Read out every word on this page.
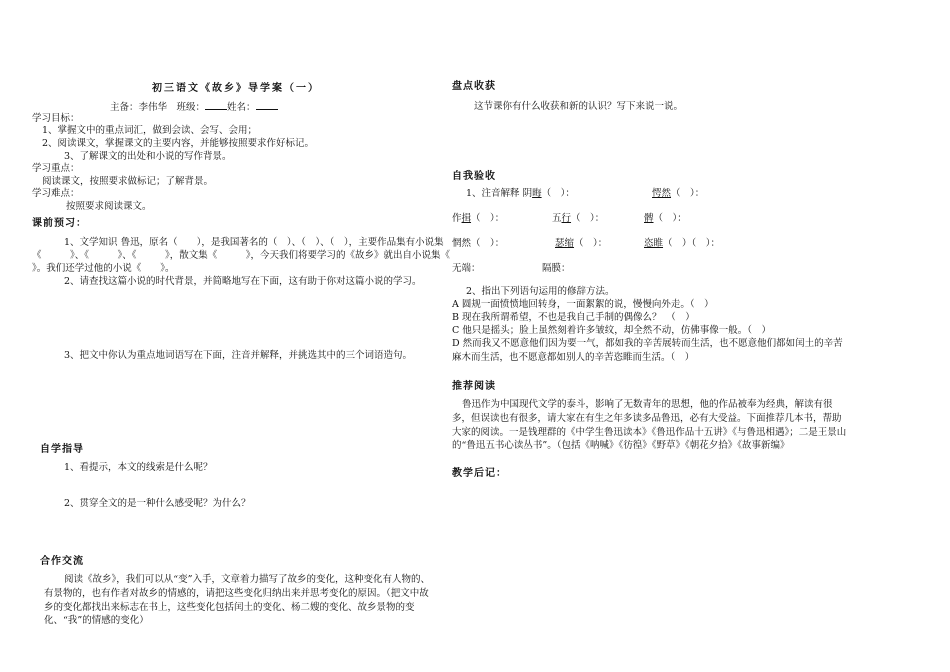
初三语文《故乡》导学案（一）
主备：李伟华　班级： 姓名：
学习目标：
1、掌握文中的重点词汇，做到会读、会写、会用；
2、阅读课文，掌握课文的主要内容，并能够按照要求作好标记。
3、了解课文的出处和小说的写作背景。
学习重点：
阅读课文，按照要求做标记；了解背景。
学习难点：
按照要求阅读课文。
课前预习：
1、文学知识 鲁迅，原名（　　），是我国著名的（　）、（　）、（　），主要作品集有小说集
《　　　》、《　　　》、《　　　》，散文集《　　　》，今天我们将要学习的《故乡》就出自小说集《
》。我们还学过他的小说《　　》。
2、请查找这篇小说的时代背景，并简略地写在下面，这有助于你对这篇小说的学习。
3、把文中你认为重点地词语写在下面，注音并解释，并挑选其中的三个词语造句。
自学指导
1、看提示，本文的线索是什么呢？
2、贯穿全文的是一种什么感受呢？为什么？
合作交流
阅读《故乡》，我们可以从“变”入手，文章着力描写了故乡的变化，这种变化有人物的、有景物的，也有作者对故乡的情感的，请把这些变化归纳出来并思考变化的原因。（把文中故乡的变化都找出来标志在书上，这些变化包括闰土的变化、杨二嫂的变化、故乡景物的变化、“我”的情感的变化）
盘点收获
这节课你有什么收获和新的认识？写下来说一说。
自我验收
1、注音解释 阴晦（　）：	愕然（　）：
作揖（　）：	五行（　）：	髀（　）：
惘然（　）：	瑟缩（　）：	恣睢（　）（　）：
无端：	隔膜：
2、指出下列语句运用的修辞方法。
A 圆规一面愤愤地回转身，一面絮絮的说，慢慢向外走。（　）
B 现在我所谓希望，不也是我自己手制的偶像么？　（　）
C 他只是摇头；脸上虽然刻着许多皱纹，却全然不动，仿佛事像一般。（　）
D 然而我又不愿意他们因为要一气，都如我的辛苦展转而生活，也不愿意他们都如闰土的辛苦麻木而生活，也不愿意都如别人的辛苦恣睢而生活。（　）
推荐阅读
鲁迅作为中国现代文学的泰斗，影响了无数青年的思想，他的作品被奉为经典，解读有很多，但误读也有很多，请大家在有生之年多读多品鲁迅，必有大受益。下面推荐几本书，帮助大家的阅读。一是钱理群的《中学生鲁迅读本》《鲁迅作品十五讲》《与鲁迅相遇》；二是王景山的“鲁迅五书心读丛书”。（包括《呐喊》《彷徨》《野草》《朝花夕拾》《故事新编》
教学后记：
